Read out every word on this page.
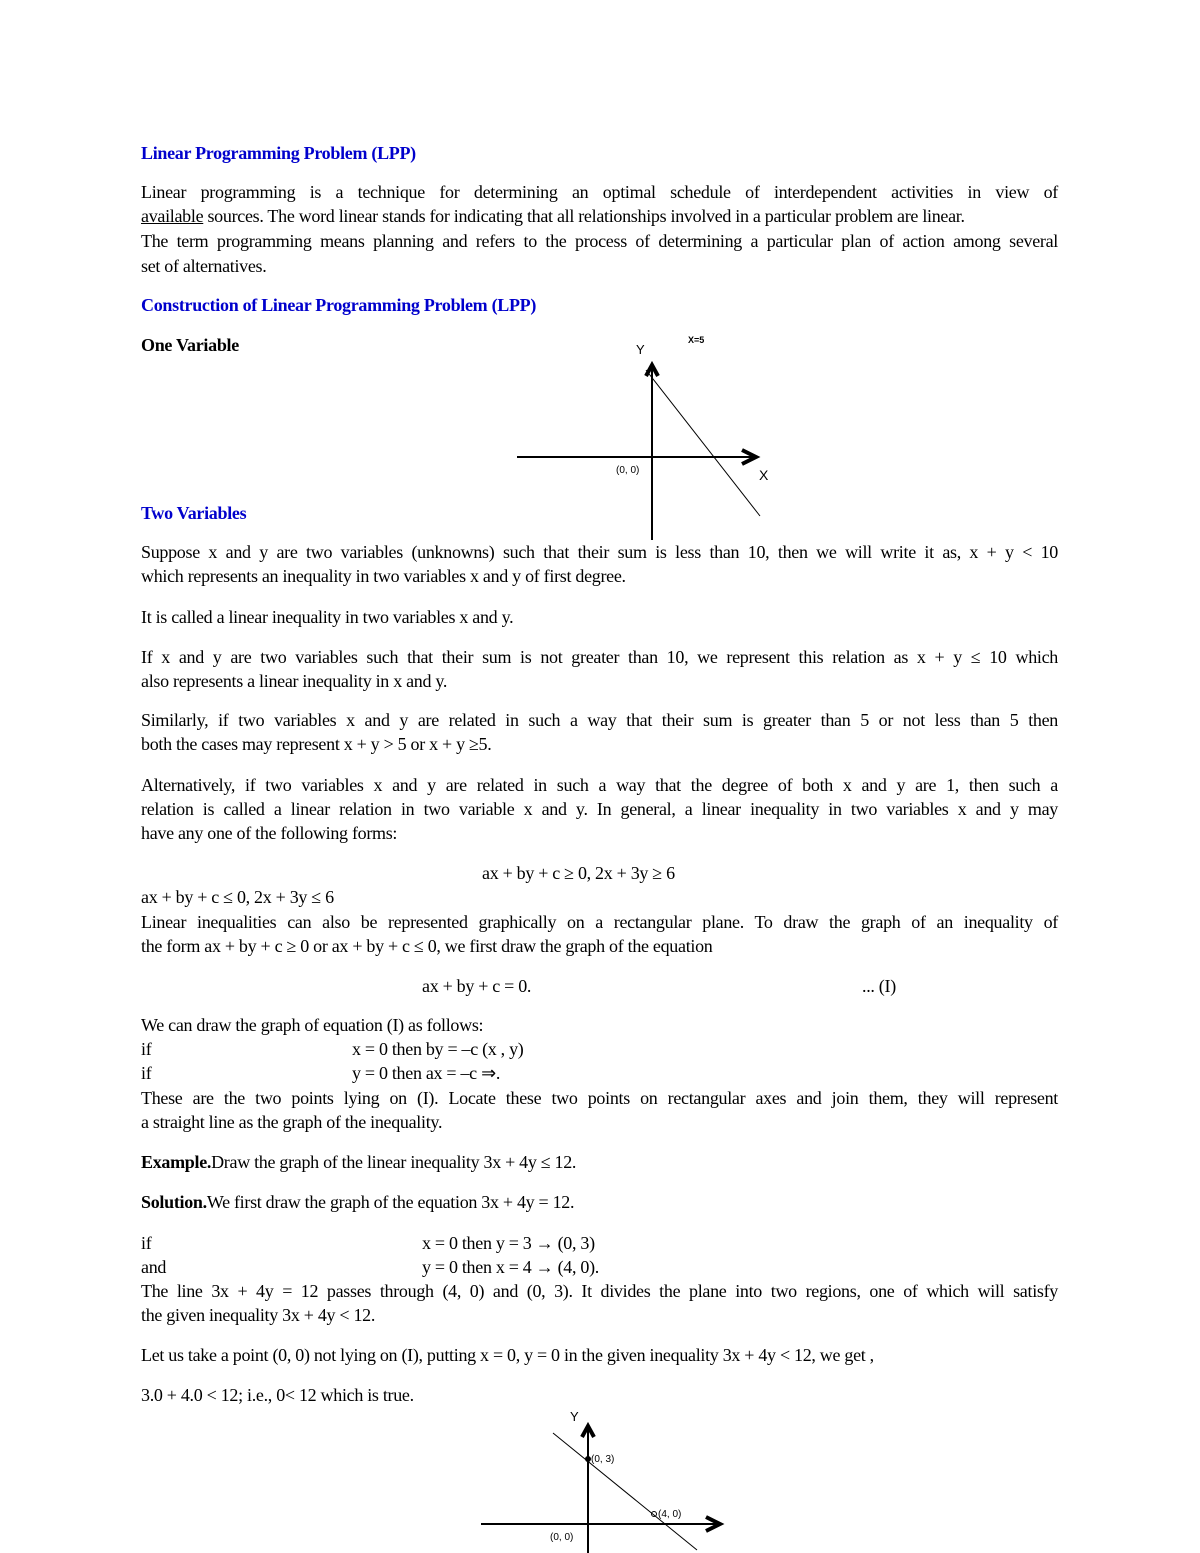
Linear Programming Problem (LPP)
Linear programming is a technique for determining an optimal schedule of interdependent activities in view of
available sources. The word linear stands for indicating that all relationships involved in a particular problem are linear.
The term programming means planning and refers to the process of determining a particular plan of action among several
set of alternatives.
Construction of Linear Programming Problem (LPP)
One Variable	Y
X=5
(0, 0)	X
Two Variables
Suppose x and y are two variables (unknowns) such that their sum is less than 10, then we will write it as, x + y < 10
which represents an inequality in two variables x and y of first degree.
It is called a linear inequality in two variables x and y.
If x and y are two variables such that their sum is not greater than 10, we represent this relation as x + y ≤ 10 which
also represents a linear inequality in x and y.
Similarly, if two variables x and y are related in such a way that their sum is greater than 5 or not less than 5 then
both the cases may represent x + y > 5 or x + y ≥5.
Alternatively, if two variables x and y are related in such a way that the degree of both x and y are 1, then such a
relation is called a linear relation in two variable x and y. In general, a linear inequality in two variables x and y may
have any one of the following forms:
ax + by + c ≥ 0, 2x + 3y ≥ 6
ax + by + c ≤ 0, 2x + 3y ≤ 6
Linear inequalities can also be represented graphically on a rectangular plane. To draw the graph of an inequality of
the form ax + by + c ≥ 0 or ax + by + c ≤ 0, we first draw the graph of the equation
ax + by + c = 0.	... (I)
We can draw the graph of equation (I) as follows:
if	x = 0 then by = –c (x , y)
if	y = 0 then ax = –c ⇒.
These are the two points lying on (I). Locate these two points on rectangular axes and join them, they will represent
a straight line as the graph of the inequality.
Example.Draw the graph of the linear inequality 3x + 4y ≤ 12.
Solution.We first draw the graph of the equation 3x + 4y = 12.
if	x = 0 then y = 3 → (0, 3)
and	y = 0 then x = 4 → (4, 0).
The line 3x + 4y = 12 passes through (4, 0) and (0, 3). It divides the plane into two regions, one of which will satisfy
the given inequality 3x + 4y < 12.
Let us take a point (0, 0) not lying on (I), putting x = 0, y = 0 in the given inequality 3x + 4y < 12, we get ,
3.0 + 4.0 < 12; i.e., 0< 12 which is true.
Y
(0, 3)
(4, 0)
(0, 0)
